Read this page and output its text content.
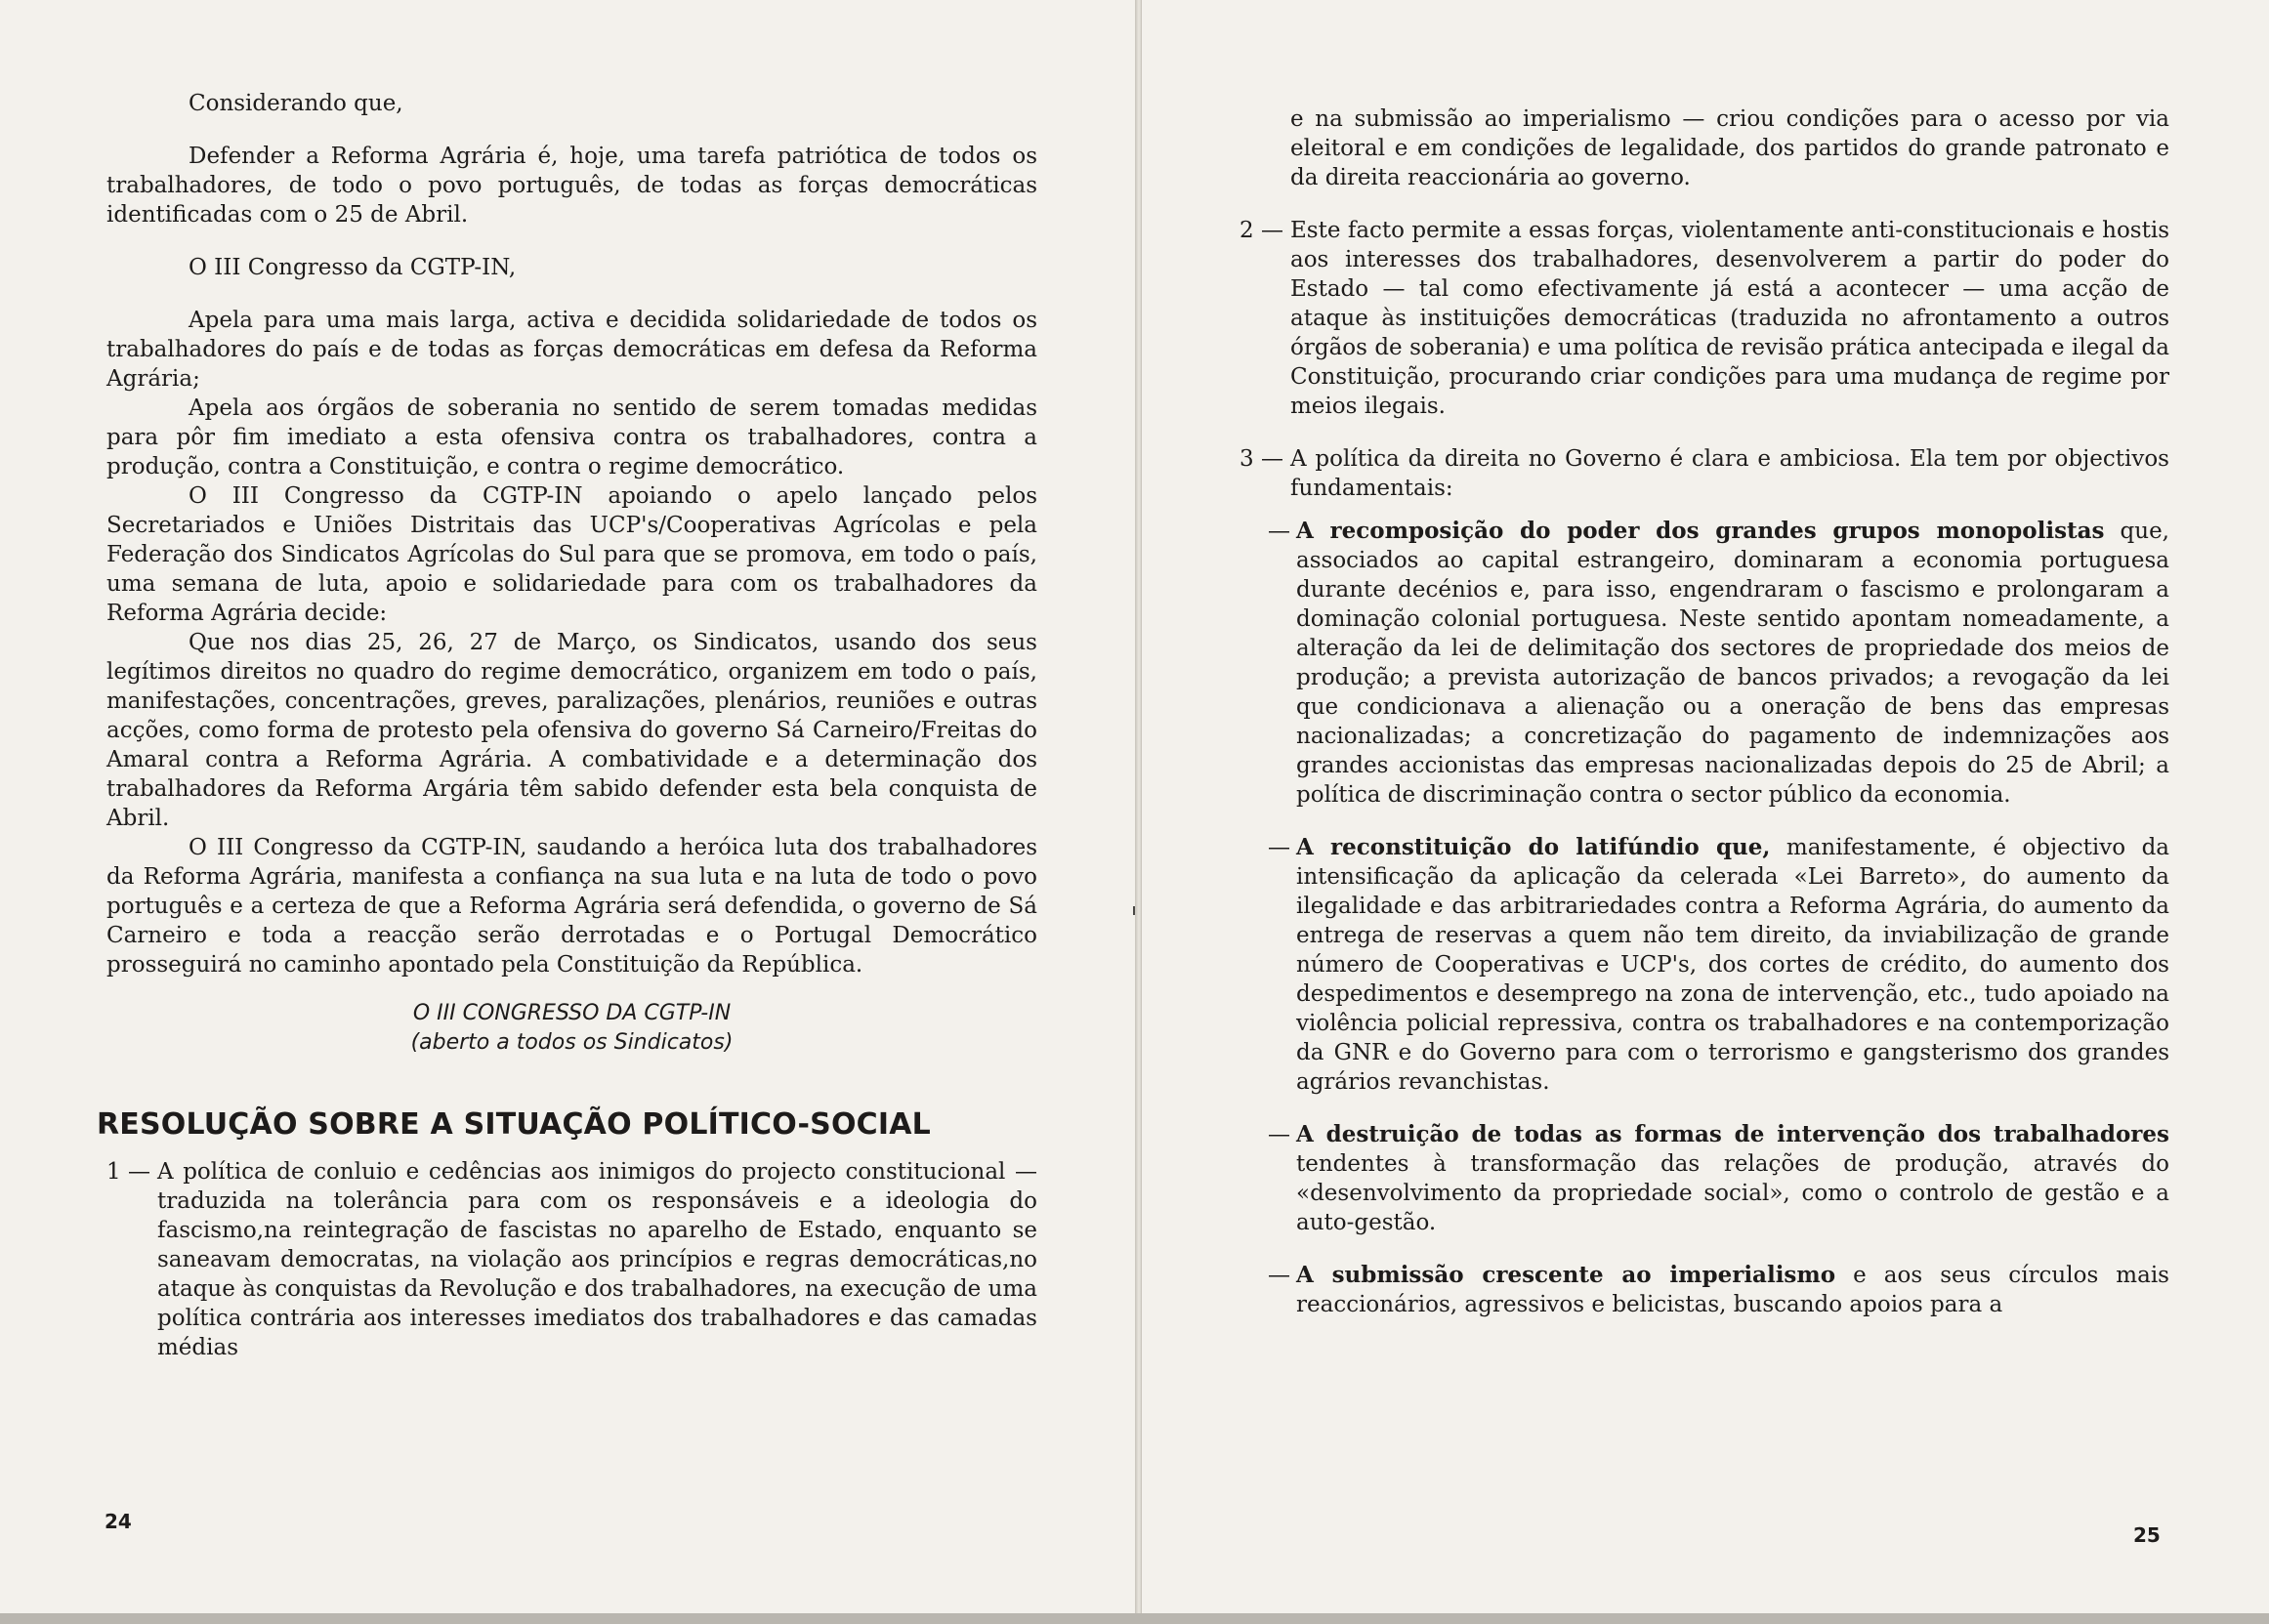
Considerando que,

Defender a Reforma Agrária é, hoje, uma tarefa patriótica de todos os trabalhadores, de todo o povo português, de todas as forças democráticas identificadas com o 25 de Abril.

O III Congresso da CGTP-IN,

Apela para uma mais larga, activa e decidida solidariedade de todos os trabalhadores do país e de todas as forças democráticas em defesa da Reforma Agrária;

Apela aos órgãos de soberania no sentido de serem tomadas medidas para pôr fim imediato a esta ofensiva contra os trabalhadores, contra a produção, contra a Constituição, e contra o regime democrático.

O III Congresso da CGTP-IN apoiando o apelo lançado pelos Secretariados e Uniões Distritais das UCP's/Cooperativas Agrícolas e pela Federação dos Sindicatos Agrícolas do Sul para que se promova, em todo o país, uma semana de luta, apoio e solidariedade para com os trabalhadores da Reforma Agrária decide:

Que nos dias 25, 26, 27 de Março, os Sindicatos, usando dos seus legítimos direitos no quadro do regime democrático, organizem em todo o país, manifestações, concentrações, greves, paralizações, plenários, reuniões e outras acções, como forma de protesto pela ofensiva do governo Sá Carneiro/Freitas do Amaral contra a Reforma Agrária. A combatividade e a determinação dos trabalhadores da Reforma Argária têm sabido defender esta bela conquista de Abril.

O III Congresso da CGTP-IN, saudando a heróica luta dos trabalhadores da Reforma Agrária, manifesta a confiança na sua luta e na luta de todo o povo português e a certeza de que a Reforma Agrária será defendida, o governo de Sá Carneiro e toda a reacção serão derrotadas e o Portugal Democrático prosseguirá no caminho apontado pela Constituição da República.

O III CONGRESSO DA CGTP-IN

(aberto a todos os Sindicatos)

RESOLUÇÃO SOBRE A SITUAÇÃO POLÍTICO-SOCIAL

1 — A política de conluio e cedências aos inimigos do projecto constitucional — traduzida na tolerância para com os responsáveis e a ideologia do fascismo,na reintegração de fascistas no aparelho de Estado, enquanto se saneavam democratas, na violação aos princípios e regras democráticas,no ataque às conquistas da Revolução e dos trabalhadores, na execução de uma política contrária aos interesses imediatos dos trabalhadores e das camadas médias
24

e na submissão ao imperialismo — criou condições para o acesso por via eleitoral e em condições de legalidade, dos partidos do grande patronato e da direita reaccionária ao governo.

2 — Este facto permite a essas forças, violentamente anti-constitucionais e hostis aos interesses dos trabalhadores, desenvolverem a partir do poder do Estado — tal como efectivamente já está a acontecer — uma acção de ataque às instituições democráticas (traduzida no afrontamento a outros órgãos de soberania) e uma política de revisão prática antecipada e ilegal da Constituição, procurando criar condições para uma mudança de regime por meios ilegais.
3 — A política da direita no Governo é clara e ambiciosa. Ela tem por objectivos fundamentais:
— A recomposição do poder dos grandes grupos monopolistas que, associados ao capital estrangeiro, dominaram a economia portuguesa durante decénios e, para isso, engendraram o fascismo e prolongaram a dominação colonial portuguesa. Neste sentido apontam nomeadamente, a alteração da lei de delimitação dos sectores de propriedade dos meios de produção; a prevista autorização de bancos privados; a revogação da lei que condicionava a alienação ou a oneração de bens das empresas nacionalizadas; a concretização do pagamento de indemnizações aos grandes accionistas das empresas nacionalizadas depois do 25 de Abril; a política de discriminação contra o sector público da economia.
— A reconstituição do latifúndio que, manifestamente, é objectivo da intensificação da aplicação da celerada «Lei Barreto», do aumento da ilegalidade e das arbitrariedades contra a Reforma Agrária, do aumento da entrega de reservas a quem não tem direito, da inviabilização de grande número de Cooperativas e UCP's, dos cortes de crédito, do aumento dos despedimentos e desemprego na zona de intervenção, etc., tudo apoiado na violência policial repressiva, contra os trabalhadores e na contemporização da GNR e do Governo para com o terrorismo e gangsterismo dos grandes agrários revanchistas.
— A destruição de todas as formas de intervenção dos trabalhadores tendentes à transformação das relações de produção, através do «desenvolvimento da propriedade social», como o controlo de gestão e a auto-gestão.
— A submissão crescente ao imperialismo e aos seus círculos mais reaccionários, agressivos e belicistas, buscando apoios para a
25
